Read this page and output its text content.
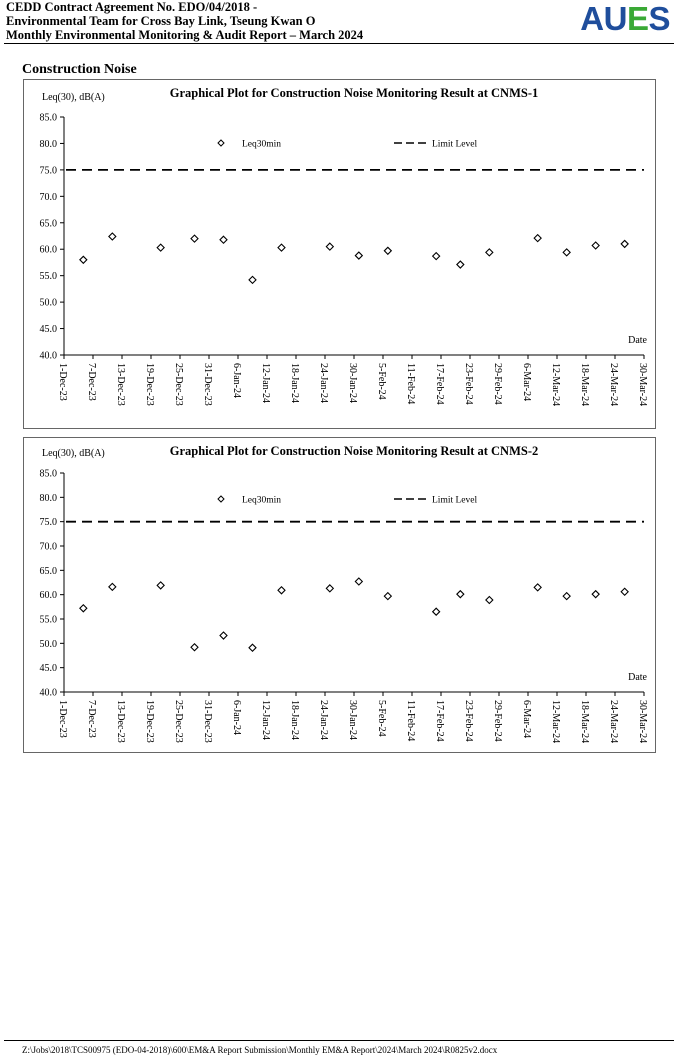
CEDD Contract Agreement No. EDO/04/2018 -
Environmental Team for Cross Bay Link, Tseung Kwan O
Monthly Environmental Monitoring & Audit Report – March 2024	AUES
Construction Noise
Graphical Plot for Construction Noise Monitoring Result at CNMS-1
Leq(30), dB(A)
85.0
80.0
75.0
70.0
65.0
60.0
55.0
50.0
45.0
40.0
1-Dec-23 7-Dec-23 13-Dec-23 19-Dec-23 25-Dec-23 31-Dec-23 6-Jan-24 12-Jan-24 18-Jan-24 24-Jan-24 30-Jan-24 5-Feb-24 11-Feb-24 17-Feb-24 23-Feb-24 29-Feb-24 6-Mar-24 12-Mar-24 18-Mar-24 24-Mar-24 30-Mar-24
Date
Leq30min	Limit Level
Graphical Plot for Construction Noise Monitoring Result at CNMS-2
Leq(30), dB(A)
85.0
80.0
75.0
70.0
65.0
60.0
55.0
50.0
45.0
40.0
1-Dec-23 7-Dec-23 13-Dec-23 19-Dec-23 25-Dec-23 31-Dec-23 6-Jan-24 12-Jan-24 18-Jan-24 24-Jan-24 30-Jan-24 5-Feb-24 11-Feb-24 17-Feb-24 23-Feb-24 29-Feb-24 6-Mar-24 12-Mar-24 18-Mar-24 24-Mar-24 30-Mar-24
Date
Leq30min	Limit Level
Z:\Jobs\2018\TCS00975 (EDO-04-2018)\600\EM&A Report Submission\Monthly EM&A Report\2024\March 2024\R0825v2.docx
